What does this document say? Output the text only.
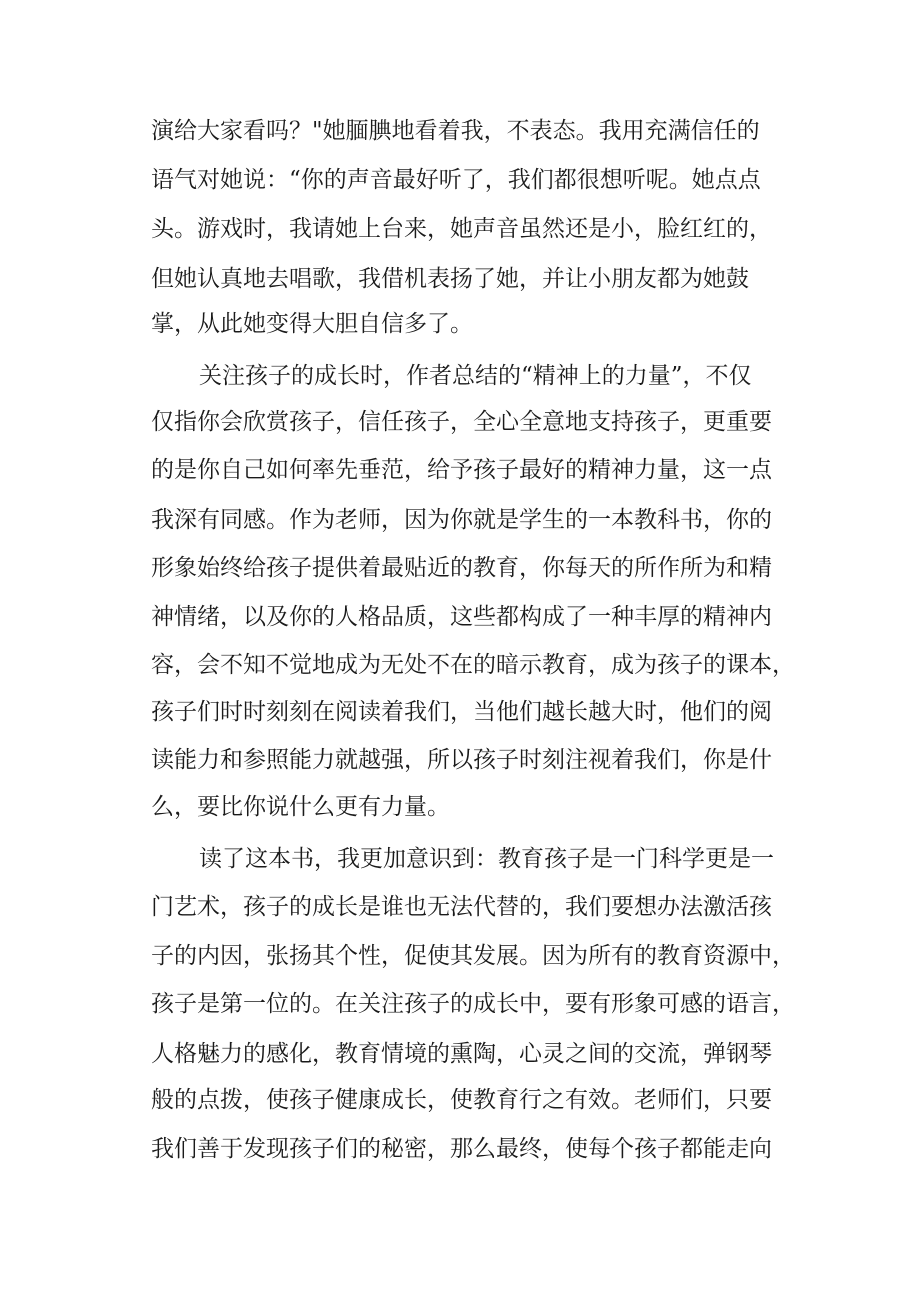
演给大家看吗？"她腼腆地看着我，不表态。我用充满信任的
语气对她说：“你的声音最好听了，我们都很想听呢。她点点
头。游戏时，我请她上台来，她声音虽然还是小，脸红红的，
但她认真地去唱歌，我借机表扬了她，并让小朋友都为她鼓
掌，从此她变得大胆自信多了。
关注孩子的成长时，作者总结的“精神上的力量”，不仅
仅指你会欣赏孩子，信任孩子，全心全意地支持孩子，更重要
的是你自己如何率先垂范，给予孩子最好的精神力量，这一点
我深有同感。作为老师，因为你就是学生的一本教科书，你的
形象始终给孩子提供着最贴近的教育，你每天的所作所为和精
神情绪，以及你的人格品质，这些都构成了一种丰厚的精神内
容，会不知不觉地成为无处不在的暗示教育，成为孩子的课本，
孩子们时时刻刻在阅读着我们，当他们越长越大时，他们的阅
读能力和参照能力就越强，所以孩子时刻注视着我们，你是什
么，要比你说什么更有力量。
读了这本书，我更加意识到：教育孩子是一门科学更是一
门艺术，孩子的成长是谁也无法代替的，我们要想办法激活孩
子的内因，张扬其个性，促使其发展。因为所有的教育资源中，
孩子是第一位的。在关注孩子的成长中，要有形象可感的语言，
人格魅力的感化，教育情境的熏陶，心灵之间的交流，弹钢琴
般的点拨，使孩子健康成长，使教育行之有效。老师们，只要
我们善于发现孩子们的秘密，那么最终，使每个孩子都能走向
